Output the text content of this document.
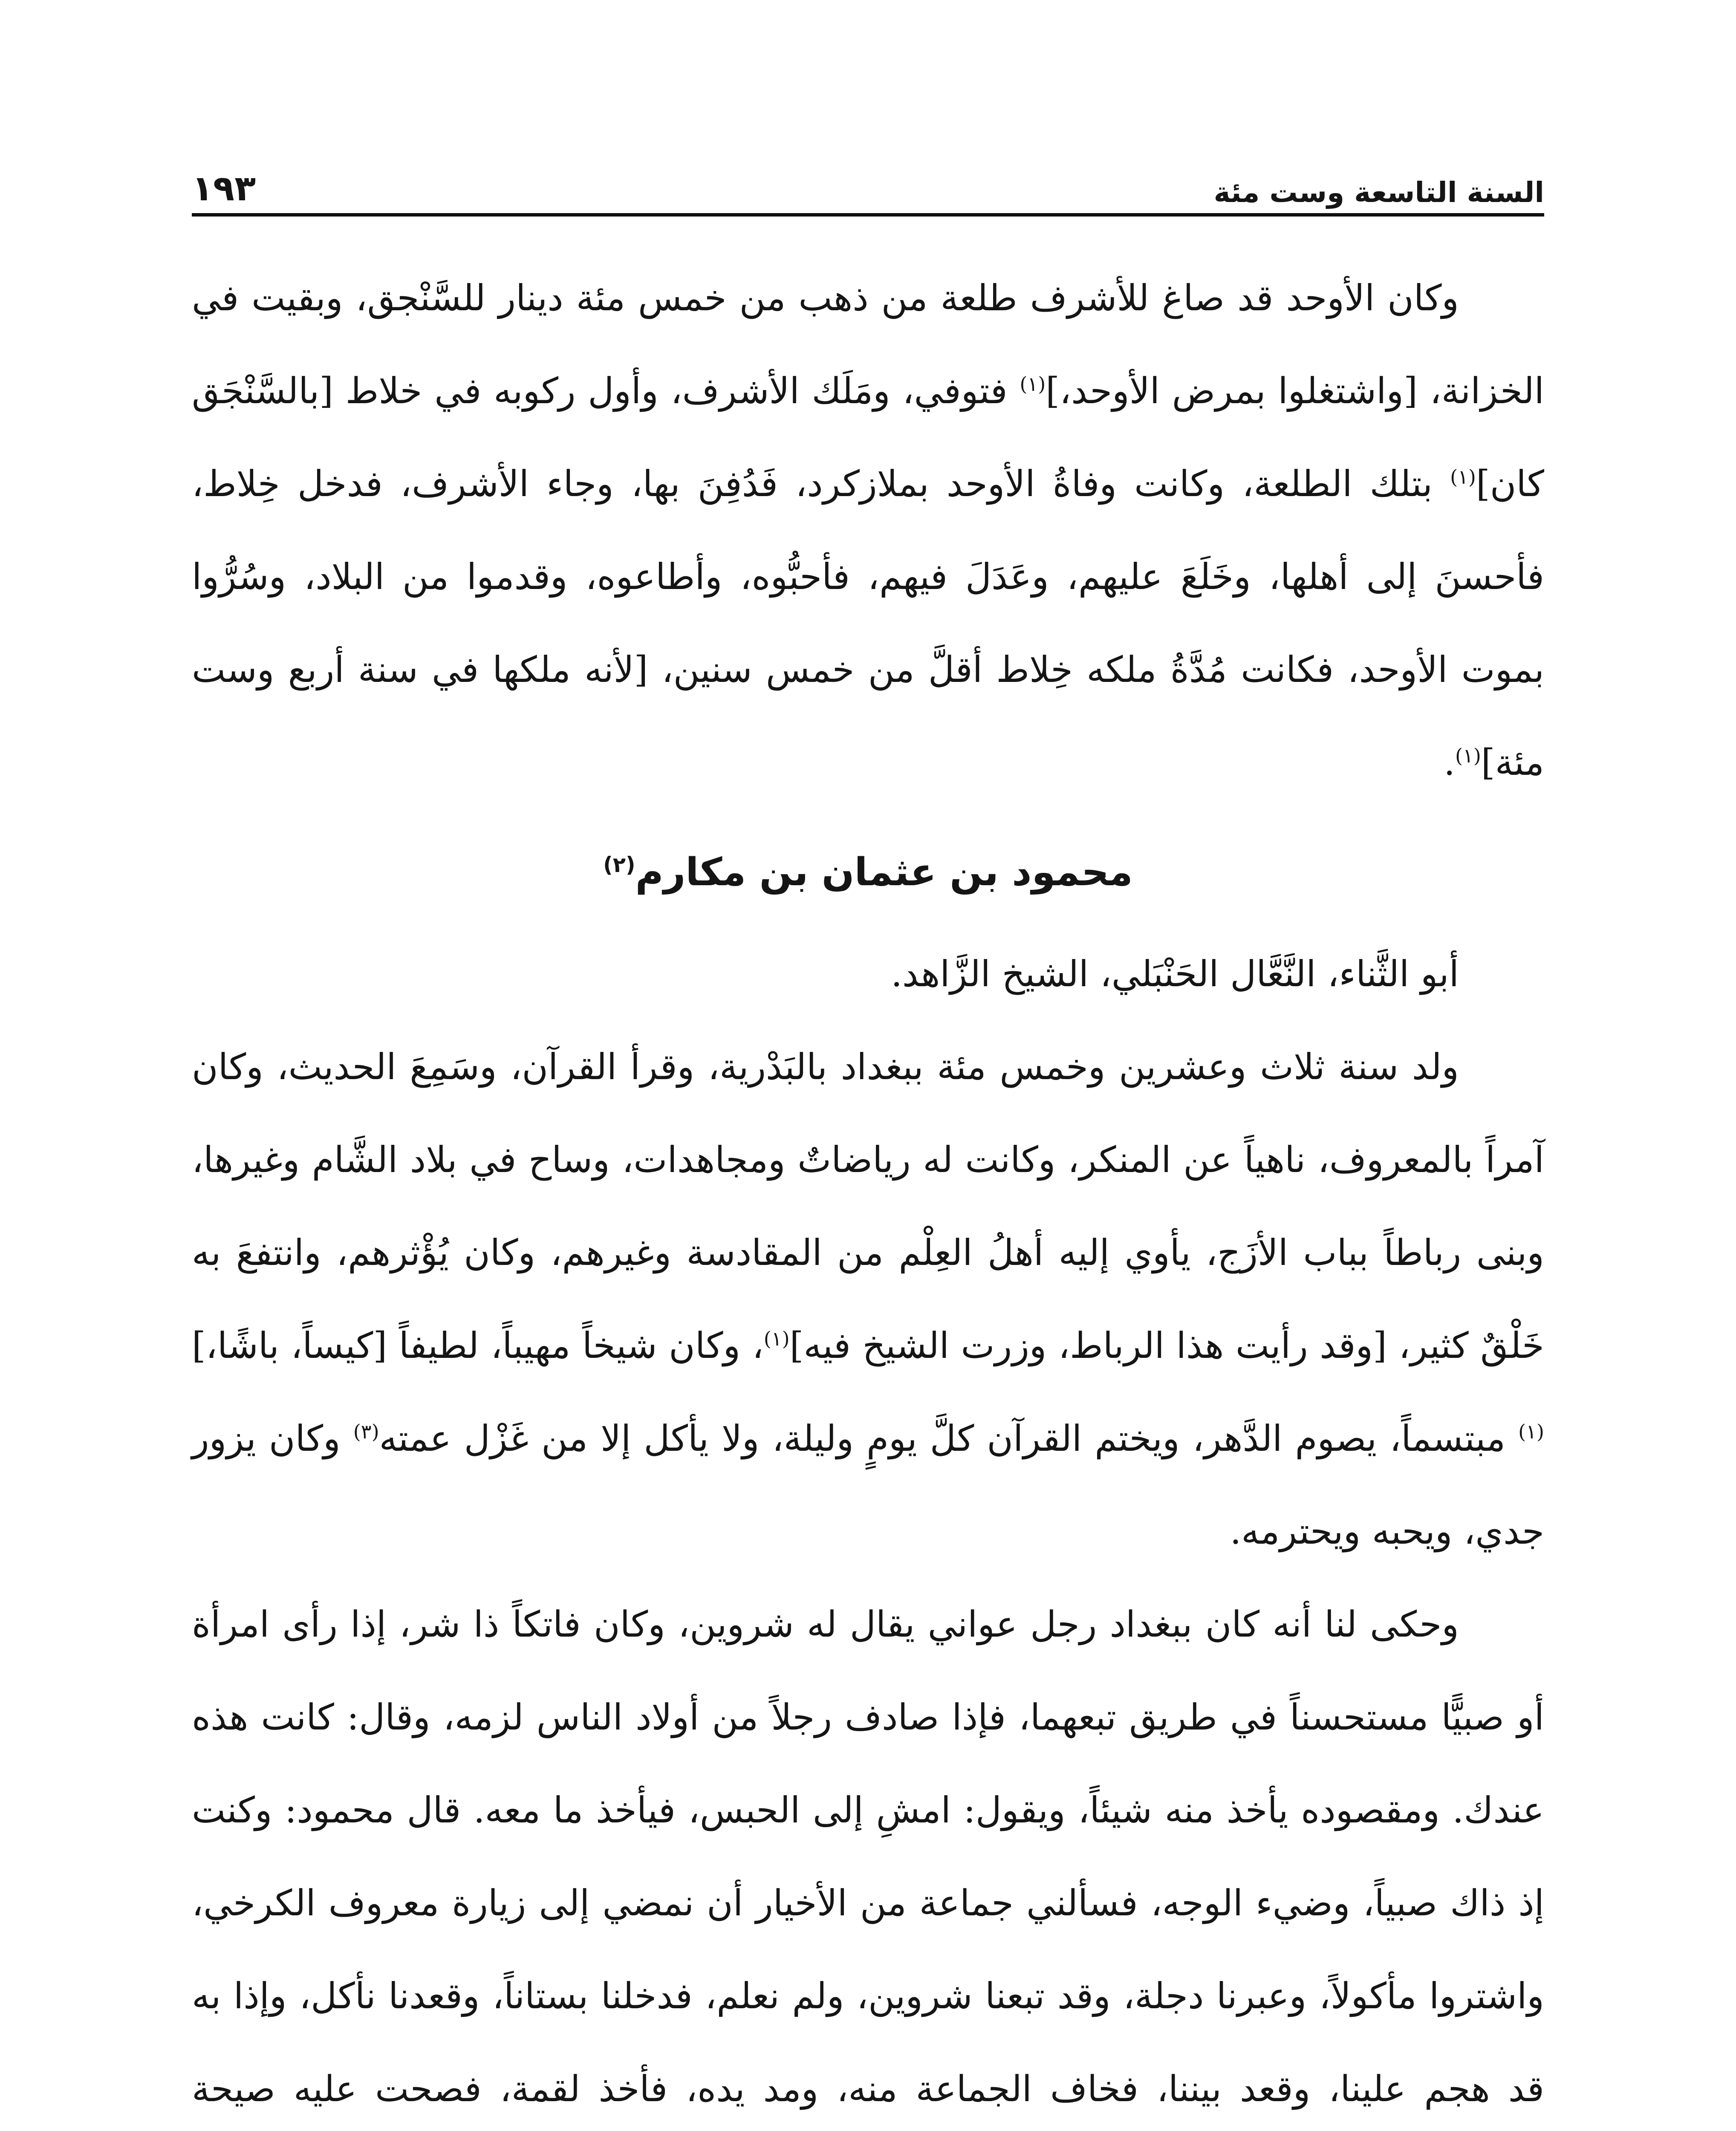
السنة التاسعة وست مئة
١٩٣

وكان الأوحد قد صاغ للأشرف طلعة من ذهب من خمس مئة دينار للسَّنْجق، وبقيت في الخزانة، [واشتغلوا بمرض الأوحد،]$^{(١)}$ فتوفي، ومَلَك الأشرف، وأول ركوبه في خلاط [بالسَّنْجَق كان]$^{(١)}$ بتلك الطلعة، وكانت وفاةُ الأوحد بملازكرد، فَدُفِنَ بها، وجاء الأشرف، فدخل خِلاط، فأحسنَ إلى أهلها، وخَلَعَ عليهم، وعَدَلَ فيهم، فأحبُّوه، وأطاعوه، وقدموا من البلاد، وسُرُّوا بموت الأوحد، فكانت مُدَّةُ ملكه خِلاط أقلَّ من خمس سنين، [لأنه ملكها في سنة أربع وست مئة]$^{(١)}$.

محمود بن عثمان بن مكارم$^{(٢)}$

أبو الثَّناء، النَّعَّال الحَنْبَلي، الشيخ الزَّاهد.

ولد سنة ثلاث وعشرين وخمس مئة ببغداد بالبَدْرية، وقرأ القرآن، وسَمِعَ الحديث، وكان آمراً بالمعروف، ناهياً عن المنكر، وكانت له رياضاتٌ ومجاهدات، وساح في بلاد الشَّام وغيرها، وبنى رباطاً بباب الأزَج، يأوي إليه أهلُ العِلْم من المقادسة وغيرهم، وكان يُؤْثرهم، وانتفعَ به خَلْقٌ كثير، [وقد رأيت هذا الرباط، وزرت الشيخ فيه]$^{(١)}$، وكان شيخاً مهيباً، لطيفاً [كيساً، باشًا،]$^{(١)}$ مبتسماً، يصوم الدَّهر، ويختم القرآن كلَّ يومٍ وليلة، ولا يأكل إلا من غَزْل عمته$^{(٣)}$ وكان يزور جدي، ويحبه ويحترمه.

وحكى لنا أنه كان ببغداد رجل عواني يقال له شروين، وكان فاتكاً ذا شر، إذا رأى امرأة أو صبيًّا مستحسناً في طريق تبعهما، فإذا صادف رجلاً من أولاد الناس لزمه، وقال: كانت هذه عندك. ومقصوده يأخذ منه شيئاً، ويقول: امشِ إلى الحبس، فيأخذ ما معه. قال محمود: وكنت إذ ذاك صبياً، وضيء الوجه، فسألني جماعة من الأخيار أن نمضي إلى زيارة معروف الكرخي، واشتروا مأكولاً، وعبرنا دجلة، وقد تبعنا شروين، ولم نعلم، فدخلنا بستاناً، وقعدنا نأكل، وإذا به قد هجم علينا، وقعد بيننا، فخاف الجماعة منه، ومد يده، فأخذ لقمة، فصحت عليه صيحة
